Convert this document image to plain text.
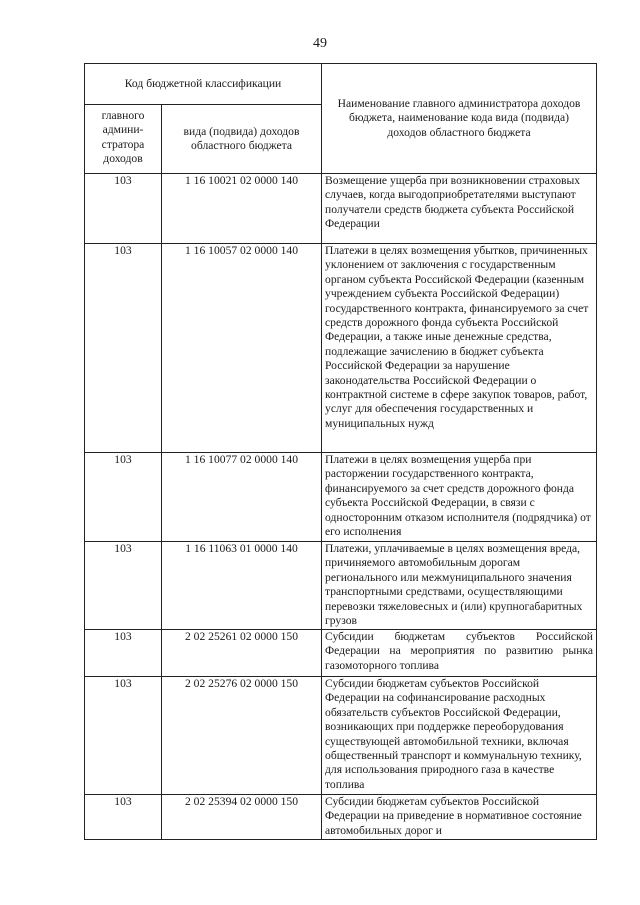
49
Код бюджетной классификации		Наименование главного администратора доходов бюджета, наименование кода вида (подвида) доходов областного бюджета
главного админи-стратора доходов	вида (подвида) доходов областного бюджета	
103	1 16 10021 02 0000 140	Возмещение ущерба при возникновении страховых случаев, когда выгодоприобретателями выступают получатели средств бюджета субъекта Российской Федерации
103	1 16 10057 02 0000 140	Платежи в целях возмещения убытков, причиненных уклонением от заключения с государственным органом субъекта Российской Федерации (казенным учреждением субъекта Российской Федерации) государственного контракта, финансируемого за счет средств дорожного фонда субъекта Российской Федерации, а также иные денежные средства, подлежащие зачислению в бюджет субъекта Российской Федерации за нарушение законодательства Российской Федерации о контрактной системе в сфере закупок товаров, работ, услуг для обеспечения государственных и муниципальных нужд
103	1 16 10077 02 0000 140	Платежи в целях возмещения ущерба при расторжении государственного контракта, финансируемого за счет средств дорожного фонда субъекта Российской Федерации, в связи с односторонним отказом исполнителя (подрядчика) от его исполнения
103	1 16 11063 01 0000 140	Платежи, уплачиваемые в целях возмещения вреда, причиняемого автомобильным дорогам регионального или межмуниципального значения транспортными средствами, осуществляющими перевозки тяжеловесных и (или) крупногабаритных грузов
103	2 02 25261 02 0000 150	Субсидии бюджетам субъектов Российской Федерации на мероприятия по развитию рынка газомоторного топлива
103	2 02 25276 02 0000 150	Субсидии бюджетам субъектов Российской Федерации на софинансирование расходных обязательств субъектов Российской Федерации, возникающих при поддержке переоборудования существующей автомобильной техники, включая общественный транспорт и коммунальную технику, для использования природного газа в качестве топлива
103	2 02 25394 02 0000 150	Субсидии бюджетам субъектов Российской Федерации на приведение в нормативное состояние автомобильных дорог и
